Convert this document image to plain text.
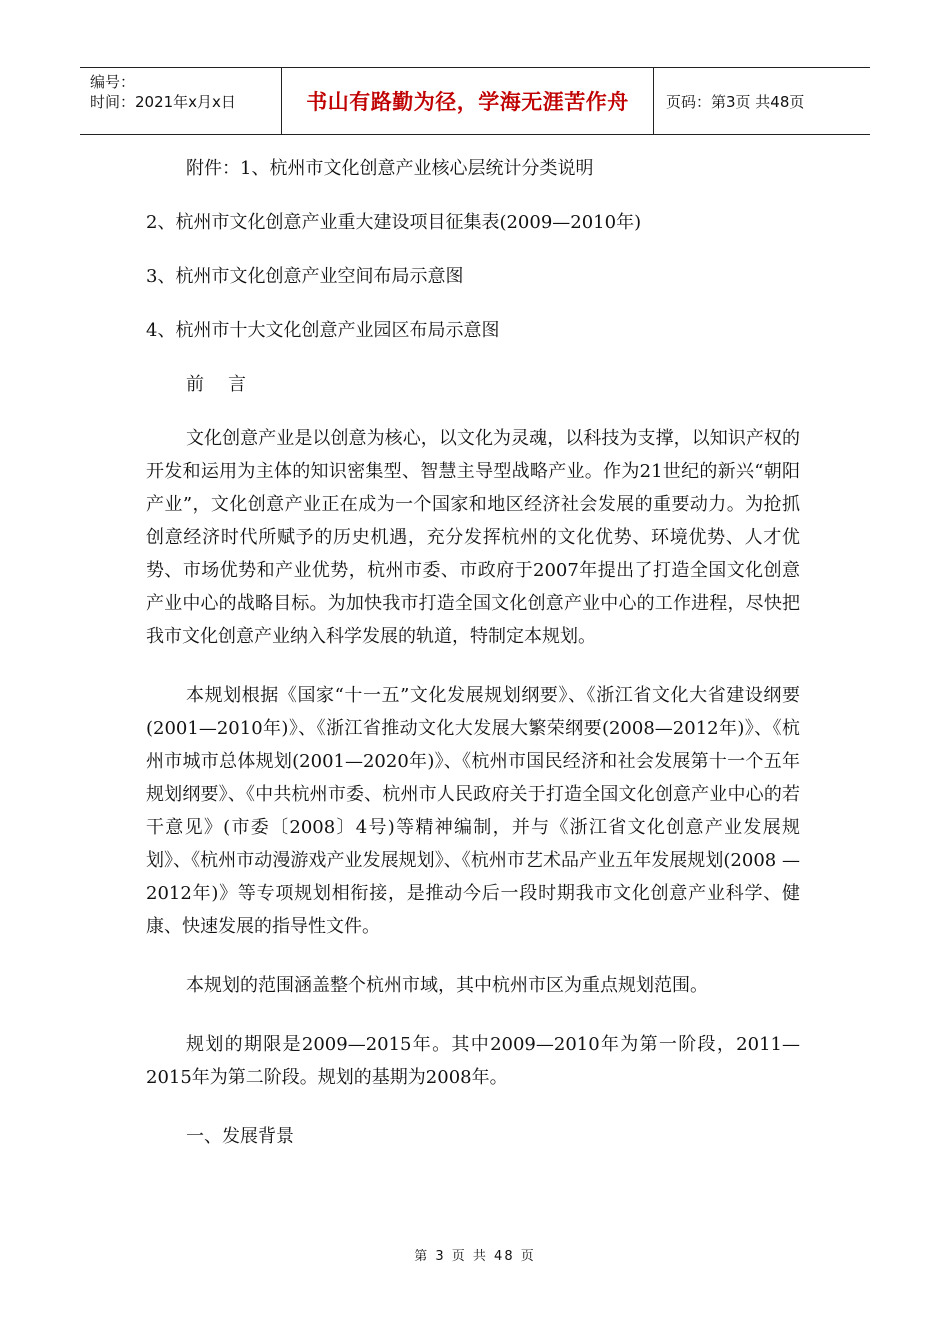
编号：
时间：2021年x月x日	书山有路勤为径，学海无涯苦作舟 页码：第3页 共48页

附件：1、杭州市文化创意产业核心层统计分类说明

2、杭州市文化创意产业重大建设项目征集表(2009—2010年)

3、杭州市文化创意产业空间布局示意图

4、杭州市十大文化创意产业园区布局示意图

前言

文化创意产业是以创意为核心，以文化为灵魂，以科技为支撑，以知识产权的开发和运用为主体的知识密集型、智慧主导型战略产业。作为21世纪的新兴“朝阳产业”，文化创意产业正在成为一个国家和地区经济社会发展的重要动力。为抢抓创意经济时代所赋予的历史机遇，充分发挥杭州的文化优势、环境优势、人才优势、市场优势和产业优势，杭州市委、市政府于2007年提出了打造全国文化创意产业中心的战略目标。为加快我市打造全国文化创意产业中心的工作进程，尽快把我市文化创意产业纳入科学发展的轨道，特制定本规划。

本规划根据《国家“十一五”文化发展规划纲要》、《浙江省文化大省建设纲要(2001—2010年)》、《浙江省推动文化大发展大繁荣纲要(2008—2012年)》、《杭州市城市总体规划(2001—2020年)》、《杭州市国民经济和社会发展第十一个五年规划纲要》、《中共杭州市委、杭州市人民政府关于打造全国文化创意产业中心的若干意见》(市委〔2008〕4号)等精神编制，并与《浙江省文化创意产业发展规划》、《杭州市动漫游戏产业发展规划》、《杭州市艺术品产业五年发展规划(2008 —2012年)》等专项规划相衔接，是推动今后一段时期我市文化创意产业科学、健康、快速发展的指导性文件。

本规划的范围涵盖整个杭州市域，其中杭州市区为重点规划范围。

规划的期限是2009—2015年。其中2009—2010年为第一阶段，2011—2015年为第二阶段。规划的基期为2008年。

一、发展背景

第 3 页 共 48 页
